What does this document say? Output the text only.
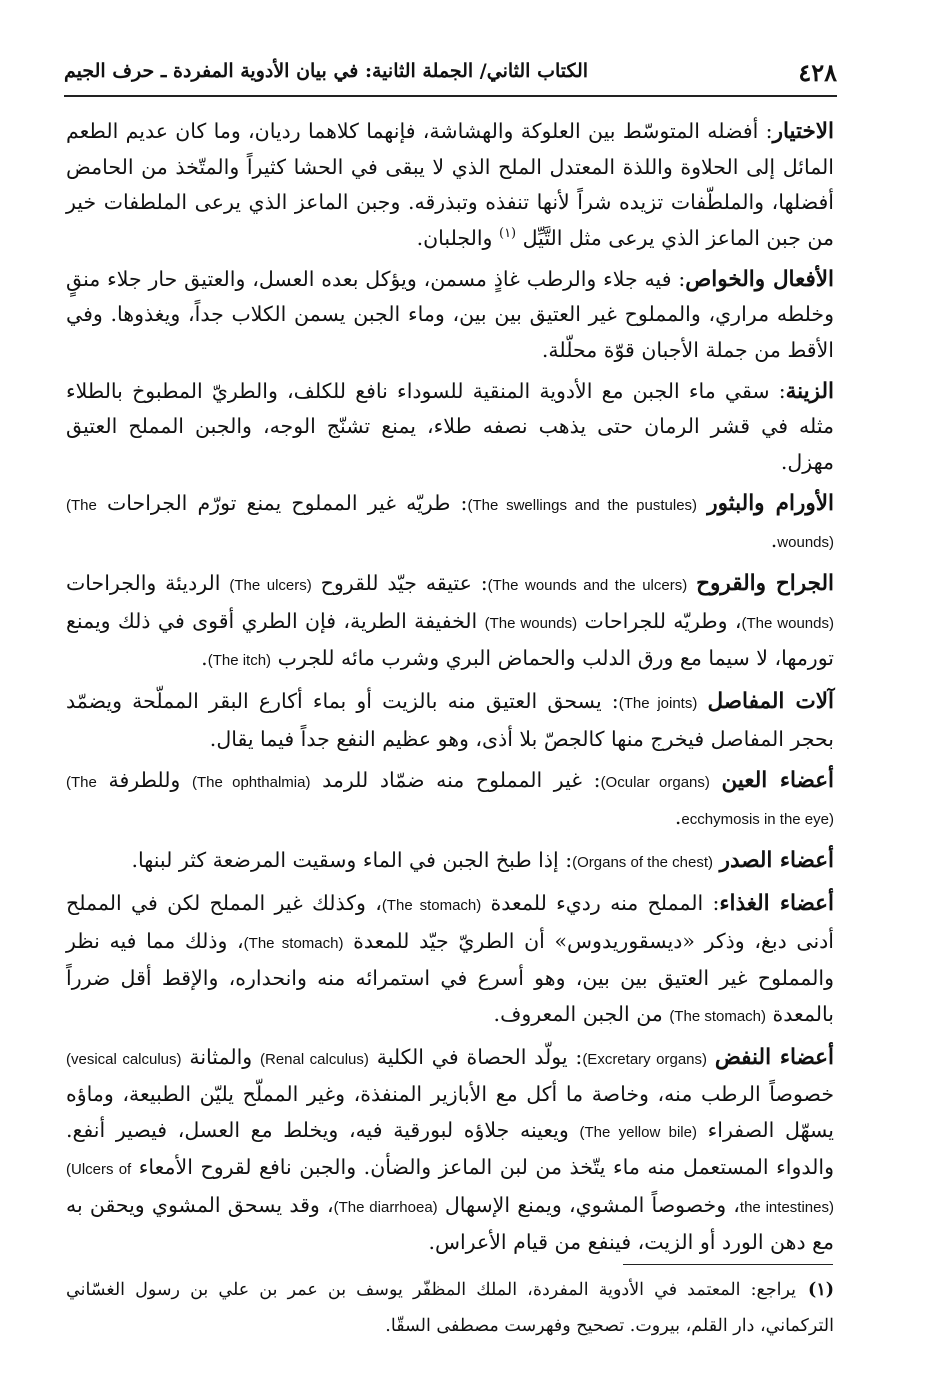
٤٢٨
الكتاب الثاني/ الجملة الثانية: في بيان الأدوية المفردة ـ حرف الجيم

الاختيار: أفضله المتوسّط بين العلوكة والهشاشة، فإنهما كلاهما رديان، وما كان عديم الطعم المائل إلى الحلاوة واللذة المعتدل الملح الذي لا يبقى في الحشا كثيراً والمتّخذ من الحامض أفضلها، والملطّفات تزيده شراً لأنها تنفذه وتبذرقه. وجبن الماعز الذي يرعى الملطفات خير من جبن الماعز الذي يرعى مثل التَّيِّل $^{(١)}$ والجلبان.

الأفعال والخواص: فيه جلاء والرطب غاذٍ مسمن، ويؤكل بعده العسل، والعتيق حار جلاء منقٍ وخلطه مراري، والمملوح غير العتيق بين بين، وماء الجبن يسمن الكلاب جداً، ويغذوها. وفي الأقط من جملة الأجبان قوّة محلّلة.

الزينة: سقي ماء الجبن مع الأدوية المنقية للسوداء نافع للكلف، والطريّ المطبوخ بالطلاء مثله في قشر الرمان حتى يذهب نصفه طلاء، يمنع تشنّج الوجه، والجبن المملح العتيق مهزل.

الأورام والبثور (The swellings and the pustules): طريّه غير المملوح يمنع تورّم الجراحات (The wounds).

الجراح والقروح (The wounds and the ulcers): عتيقه جيّد للقروح (The ulcers) الرديئة والجراحات (The wounds)، وطريّه للجراحات (The wounds) الخفيفة الطرية، فإن الطري أقوى في ذلك ويمنع تورمها، لا سيما مع ورق الدلب والحماض البري وشرب مائه للجرب (The itch).

آلات المفاصل (The joints): يسحق العتيق منه بالزيت أو بماء أكارع البقر المملّحة ويضمّد بحجر المفاصل فيخرج منها كالجصّ بلا أذى، وهو عظيم النفع جداً فيما يقال.

أعضاء العين (Ocular organs): غير المملوح منه ضمّاد للرمد (The ophthalmia) وللطرفة (The ecchymosis in the eye).

أعضاء الصدر (Organs of the chest): إذا طبخ الجبن في الماء وسقيت المرضعة كثر لبنها.

أعضاء الغذاء: المملح منه رديء للمعدة (The stomach)، وكذلك غير المملح لكن في المملح أدنى دبغ، وذكر «ديسقوريدوس» أن الطريّ جيّد للمعدة (The stomach)، وذلك مما فيه نظر والمملوح غير العتيق بين بين، وهو أسرع في استمرائه منه وانحداره، والإقط أقل ضرراً بالمعدة (The stomach) من الجبن المعروف.

أعضاء النفض (Excretary organs): يولّد الحصاة في الكلية (Renal calculus) والمثانة (vesical calculus) خصوصاً الرطب منه، وخاصة ما أكل مع الأبازير المنفذة، وغير المملّح يليّن الطبيعة، وماؤه يسهّل الصفراء (The yellow bile) ويعينه جلاؤه لبورقية فيه، ويخلط مع العسل، فيصير أنفع. والدواء المستعمل منه ماء يتّخذ من لبن الماعز والضأن. والجبن نافع لقروح الأمعاء (Ulcers of the intestines)، وخصوصاً المشوي، ويمنع الإسهال (The diarrhoea)، وقد يسحق المشوي ويحقن به مع دهن الورد أو الزيت، فينفع من قيام الأعراس.

(١)يراجع: المعتمد في الأدوية المفردة، الملك المظفّر يوسف بن عمر بن علي بن رسول الغسّاني التركماني، دار القلم، بيروت. تصحيح وفهرست مصطفى السقّا.
